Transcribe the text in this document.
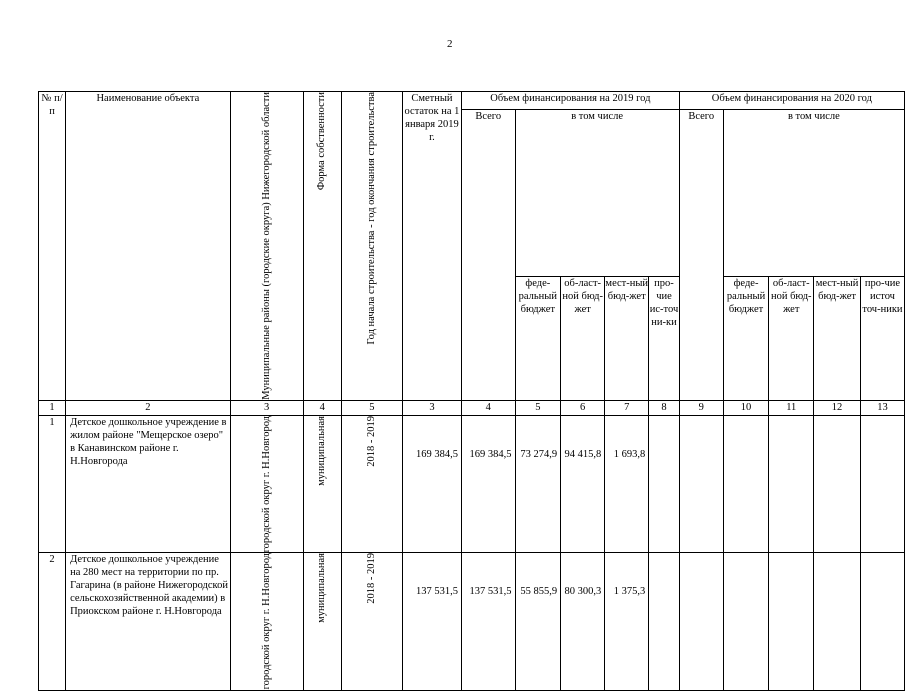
2
№ п/п	Наименование объекта	Муниципальные районы (городские округа) Нижегородской области	Форма собственности	Год начала строительства - год окончания строительства	Сметный остаток на 1 января 2019 г.	Объем финансирования на 2019 год					Объем финансирования на 2020 год				
						Всего	в том числе				Всего	в том числе			
							феде-ральный бюджет	об-ласт-ной бюд-жет	мест-ный бюд-жет	про-чие ис-точ ни-ки		феде-ральный бюджет	об-ласт-ной бюд-жет	мест-ный бюд-жет	про-чие источ точ-ники
1	2	3	4	5	3	4	5	6	7	8	9	10	11	12	13
1	Детское дошкольное учреждение в жилом районе "Мещерское озеро" в Канавинском районе г. Н.Новгорода	городской округ г. Н.Новгород	муниципальная	2018 - 2019	169 384,5	169 384,5	73 274,9	94 415,8	1 693,8						
2	Детское дошкольное учреждение на 280 мест на территории по пр. Гагарина (в районе Нижегородской сельскохозяйственной академии) в Приокском районе г. Н.Новгорода	городской округ г. Н.Новгород	муниципальная	2018 - 2019	137 531,5	137 531,5	55 855,9	80 300,3	1 375,3						
